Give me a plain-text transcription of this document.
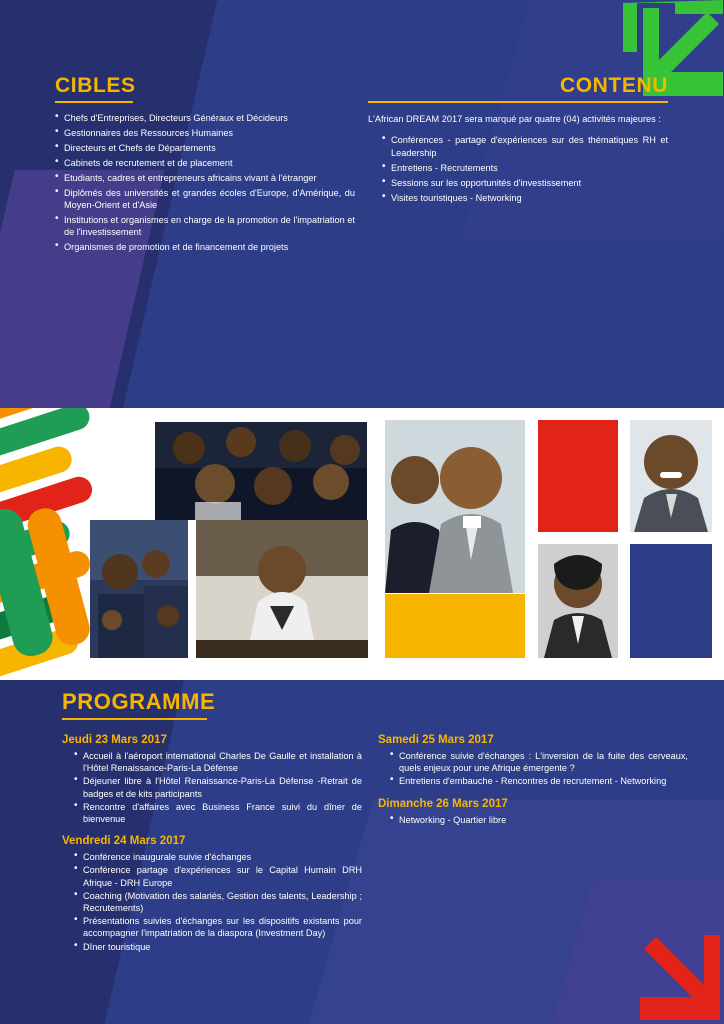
CIBLES
• Chefs d'Entreprises, Directeurs Généraux et Décideurs
• Gestionnaires des Ressources Humaines
• Directeurs et Chefs de Départements
• Cabinets de recrutement et de placement
• Etudiants, cadres et entrepreneurs africains vivant à l'étranger
• Diplômés des universités et grandes écoles d'Europe, d'Amérique, du Moyen-Orient et d'Asie
• Institutions et organismes en charge de la promotion de l'impatriation et de l'investissement
• Organismes de promotion et de financement de projets
CONTENU
L'African DREAM 2017 sera marqué par quatre (04) activités majeures :
• Conférences - partage d'expériences sur des thématiques RH et Leadership
• Entretiens - Recrutements
• Sessions sur les opportunités d'investissement
• Visites touristiques - Networking
PROGRAMME
Jeudi 23 Mars 2017
• Accueil à l'aéroport international Charles De Gaulle et installation à l'Hôtel Renaissance-Paris-La Défense
• Déjeuner libre à l'Hôtel Renaissance-Paris-La Défense -Retrait de badges et de kits participants
• Rencontre d'affaires avec Business France suivi du dîner de bienvenue
Vendredi 24 Mars 2017
• Conférence inaugurale suivie d'échanges
• Conférence partage d'expériences sur le Capital Humain DRH Afrique - DRH Europe
• Coaching (Motivation des salariés, Gestion des talents, Leadership ; Recrutements)
• Présentations suivies d'échanges sur les dispositifs existants pour accompagner l'impatriation de la diaspora (Investment Day)
• Dîner touristique
Samedi 25 Mars 2017
• Conférence suivie d'échanges : L'inversion de la fuite des cerveaux, quels enjeux pour une Afrique émergente ?
• Entretiens d'embauche - Rencontres de recrutement - Networking
Dimanche 26 Mars 2017
• Networking - Quartier libre
